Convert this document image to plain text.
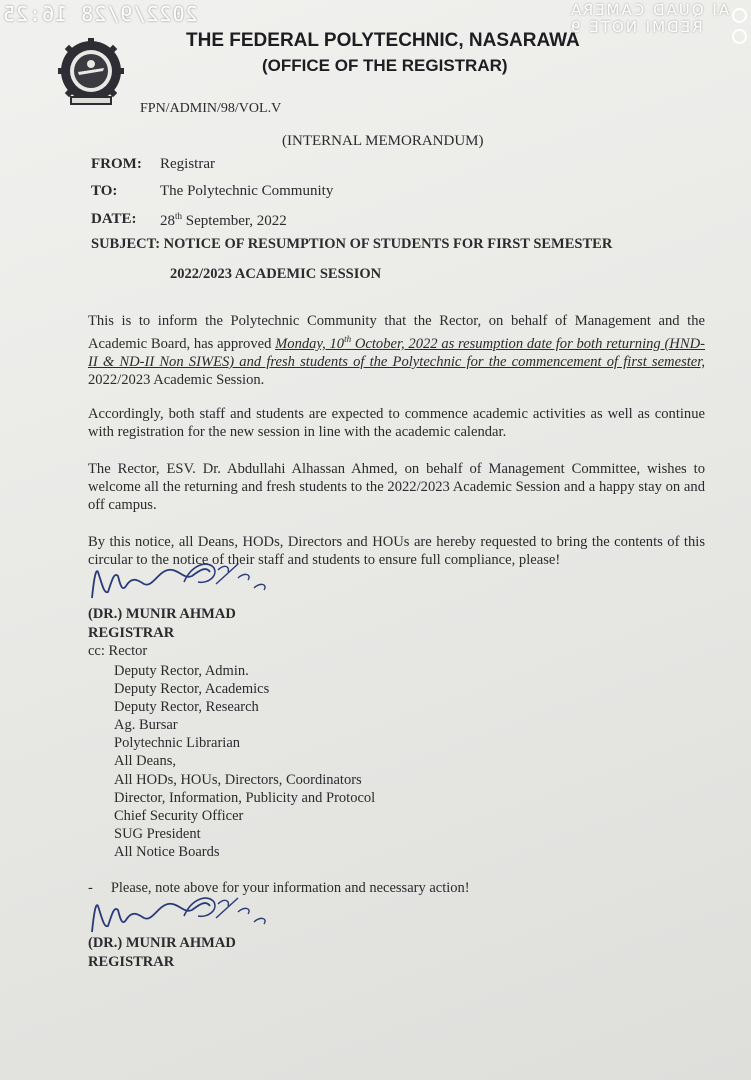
2022/9/28 16:25	AI QUAD CAMERA
REDMI NOTE 9
THE FEDERAL POLYTECHNIC, NASARAWA
(OFFICE OF THE REGISTRAR)
FPN/ADMIN/98/VOL.V
(INTERNAL MEMORANDUM)
FROM: Registrar
TO:	The Polytechnic Community
DATE: 28th September, 2022
SUBJECT: NOTICE OF RESUMPTION OF STUDENTS FOR FIRST SEMESTER
2022/2023 ACADEMIC SESSION
This is to inform the Polytechnic Community that the Rector, on behalf of Management and the Academic Board, has approved Monday, 10th October, 2022 as resumption date for both returning (HND-II & ND-II Non SIWES) and fresh students of the Polytechnic for the commencement of first semester, 2022/2023 Academic Session.
Accordingly, both staff and students are expected to commence academic activities as well as continue with registration for the new session in line with the academic calendar.
The Rector, ESV. Dr. Abdullahi Alhassan Ahmed, on behalf of Management Committee, wishes to welcome all the returning and fresh students to the 2022/2023 Academic Session and a happy stay on and off campus.
By this notice, all Deans, HODs, Directors and HOUs are hereby requested to bring the contents of this circular to the notice of their staff and students to ensure full compliance, please!
(DR.) MUNIR AHMAD
REGISTRAR
cc: Rector
Deputy Rector, Admin.
Deputy Rector, Academics
Deputy Rector, Research
Ag. Bursar
Polytechnic Librarian
All Deans,
All HODs, HOUs, Directors, Coordinators
Director, Information, Publicity and Protocol
Chief Security Officer
SUG President
All Notice Boards
- Please, note above for your information and necessary action!
(DR.) MUNIR AHMAD
REGISTRAR
